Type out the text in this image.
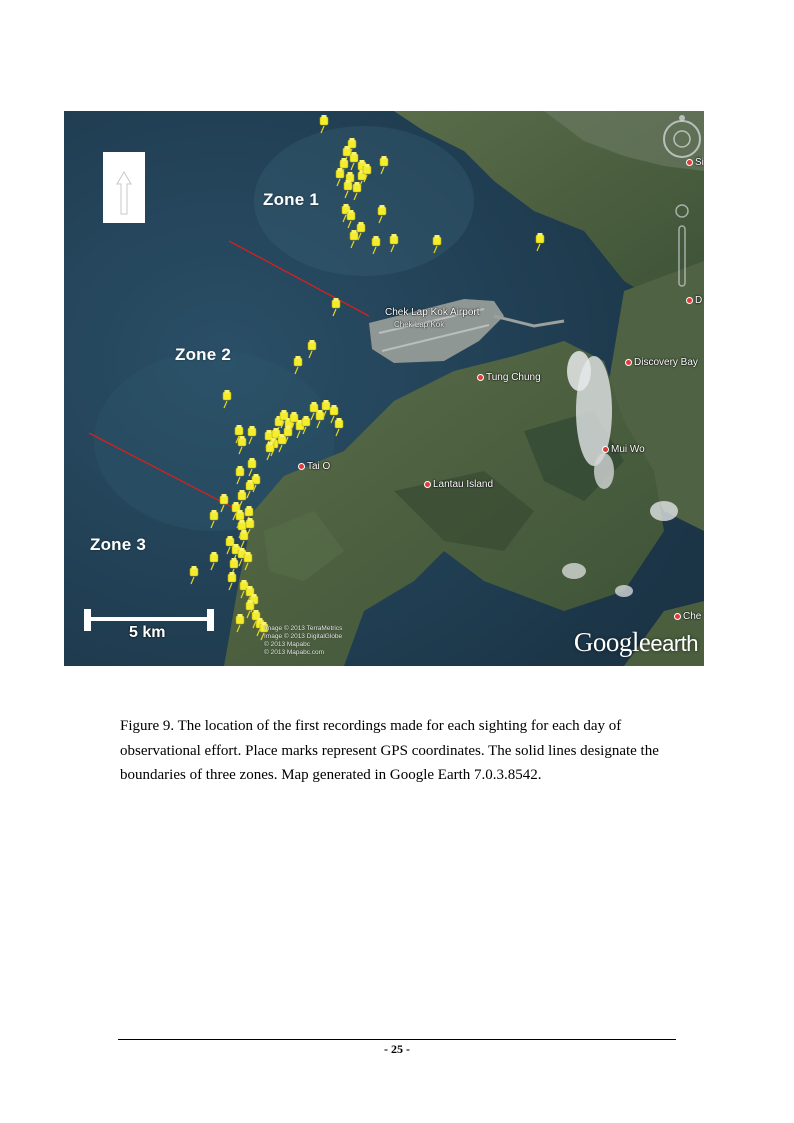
Zone 1
Zone 2
Zone 3
Chek Lap Kok Airport
Chek Lap Kok
Tung Chung
Discovery Bay
Mui Wo
Tai O
Lantau Island
Si
D
Che
5 km	Image © 2013 TerraMetrics
Image © 2013 DigitalGlobe
© 2013 Mapabc
© 2013 Mapabc.com	Googleearth
Figure 9. The location of the first recordings made for each sighting for each day of observational effort. Place marks represent GPS coordinates. The solid lines designate the boundaries of three zones. Map generated in Google Earth 7.0.3.8542.
- 25 -
